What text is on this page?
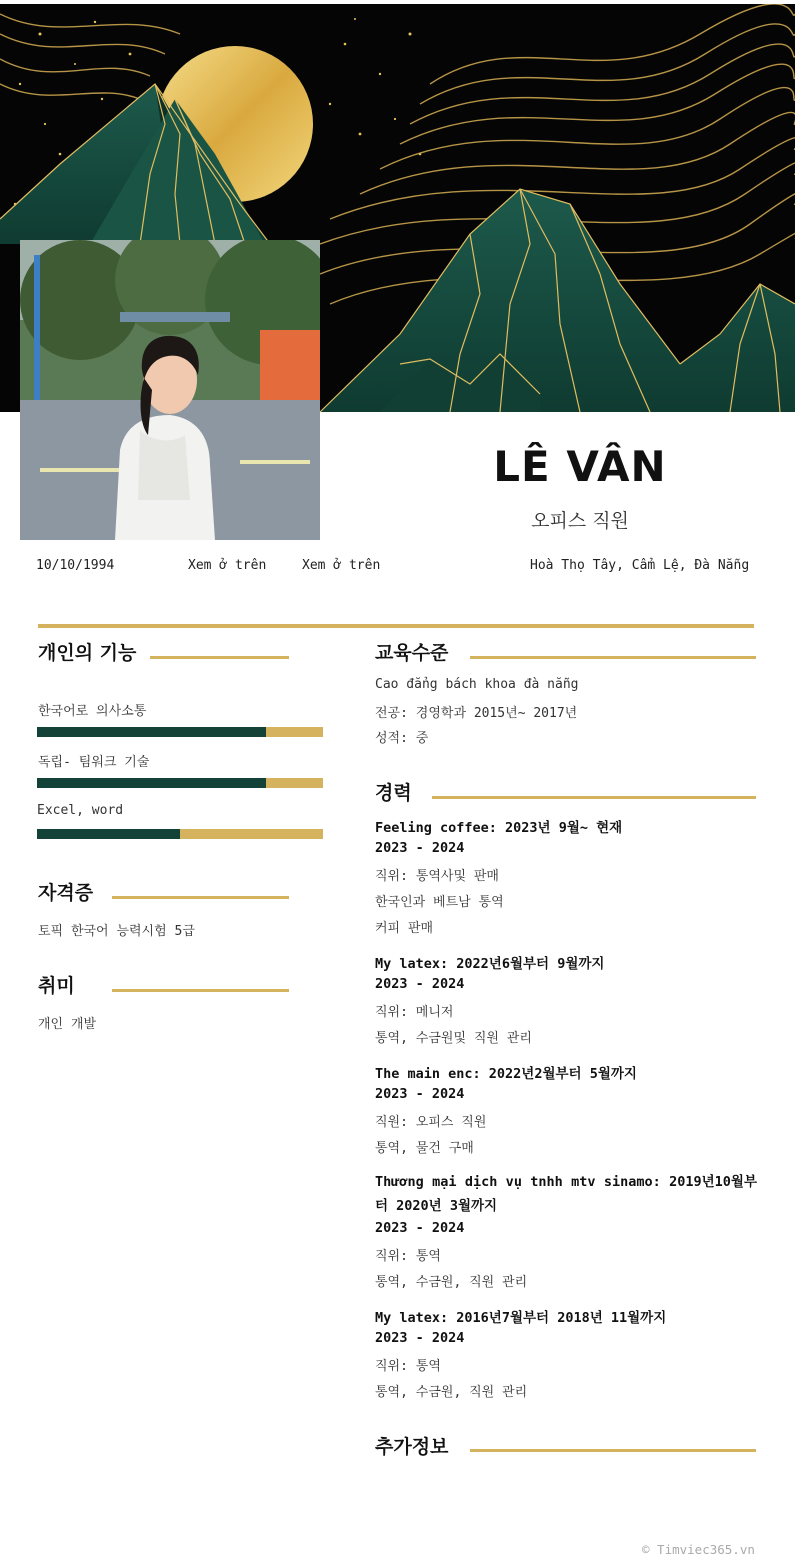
LÊ VÂN
오피스 직원
10/10/1994	Xem ở trên	Xem ở trên	Hoà Thọ Tây, Cẩm Lệ, Đà Nẵng
개인의 기능
한국어로 의사소통
독립- 팀워크 기술
Excel, word
자격증
토픽 한국어 능력시험 5급
취미
개인 개발
교육수준
Cao đẳng bách khoa đà nẵng
전공: 경영학과 2015년~ 2017년
성적: 중
경력
Feeling coffee: 2023년 9월~ 현재
2023 - 2024
직위: 통역사및 판매
한국인과 베트남 통역
커피 판매
My latex: 2022년6월부터 9월까지
2023 - 2024
직위: 메니저
통역, 수금원및 직원 관리
The main enc: 2022년2월부터 5월까지
2023 - 2024
직원: 오피스 직원
통역, 물건 구매
Thương mại dịch vụ tnhh mtv sinamo: 2019년10월부터 2020년 3월까지
2023 - 2024
직위: 통역
통역, 수금원, 직원 관리
My latex: 2016년7월부터 2018년 11월까지
2023 - 2024
직위: 통역
통역, 수금원, 직원 관리
추가정보
© Timviec365.vn
